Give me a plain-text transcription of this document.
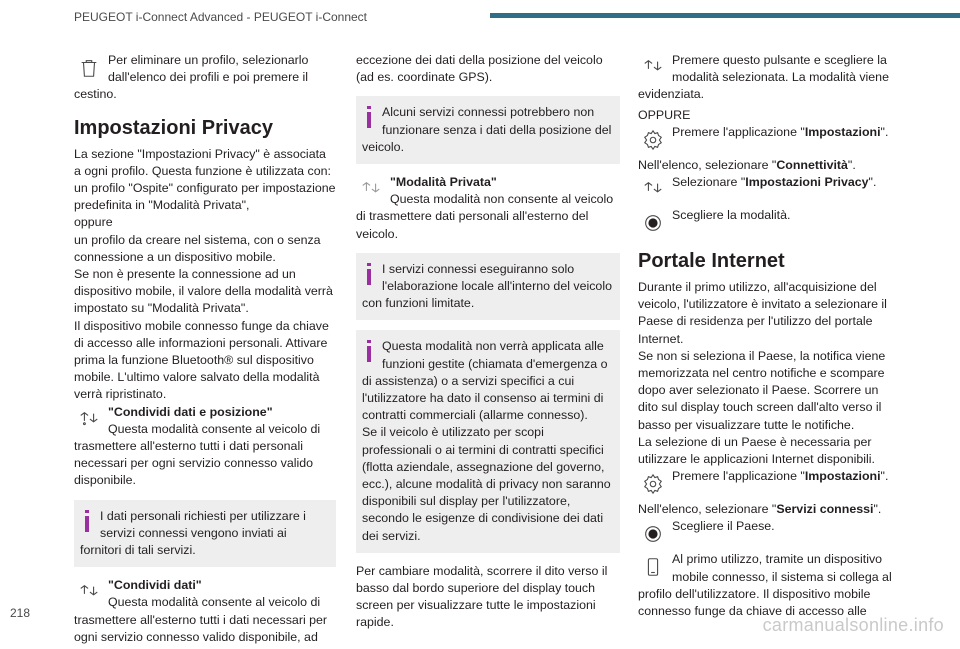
PEUGEOT i-Connect Advanced - PEUGEOT i-Connect

Per eliminare un profilo, selezionarlo dall'elenco dei profili e poi premere il cestino.

Impostazioni Privacy

La sezione "Impostazioni Privacy" è associata a ogni profilo. Questa funzione è utilizzata con:
un profilo "Ospite" configurato per impostazione predefinita in "Modalità Privata",
oppure
un profilo da creare nel sistema, con o senza connessione a un dispositivo mobile.
Se non è presente la connessione ad un dispositivo mobile, il valore della modalità verrà impostato su "Modalità Privata".
Il dispositivo mobile connesso funge da chiave di accesso alle informazioni personali. Attivare prima la funzione Bluetooth® sul dispositivo mobile. L'ultimo valore salvato della modalità verrà ripristinato.

"Condividi dati e posizione"

Questa modalità consente al veicolo di trasmettere all'esterno tutti i dati personali necessari per ogni servizio connesso valido disponibile.

I dati personali richiesti per utilizzare i servizi connessi vengono inviati ai fornitori di tali servizi.

"Condividi dati"

Questa modalità consente al veicolo di trasmettere all'esterno tutti i dati necessari per ogni servizio connesso valido disponibile, ad

eccezione dei dati della posizione del veicolo (ad es. coordinate GPS).

Alcuni servizi connessi potrebbero non funzionare senza i dati della posizione del veicolo.

"Modalità Privata"

Questa modalità non consente al veicolo di trasmettere dati personali all'esterno del veicolo.

I servizi connessi eseguiranno solo l'elaborazione locale all'interno del veicolo con funzioni limitate.

Questa modalità non verrà applicata alle funzioni gestite (chiamata d'emergenza o di assistenza) o a servizi specifici a cui l'utilizzatore ha dato il consenso ai termini di contratti commerciali (allarme connesso).
Se il veicolo è utilizzato per scopi professionali o ai termini di contratti specifici (flotta aziendale, assegnazione del governo, ecc.), alcune modalità di privacy non saranno disponibili sul display per l'utilizzatore, secondo le esigenze di condivisione dei dati dei servizi.

Per cambiare modalità, scorrere il dito verso il basso dal bordo superiore del display touch screen per visualizzare tutte le impostazioni rapide.

Premere questo pulsante e scegliere la modalità selezionata. La modalità viene evidenziata.

OPPURE

Premere l'applicazione "Impostazioni".

Nell'elenco, selezionare "Connettività".

Selezionare "Impostazioni Privacy".

Scegliere la modalità.

Portale Internet

Durante il primo utilizzo, all'acquisizione del veicolo, l'utilizzatore è invitato a selezionare il Paese di residenza per l'utilizzo del portale Internet.
Se non si seleziona il Paese, la notifica viene memorizzata nel centro notifiche e scompare dopo aver selezionato il Paese. Scorrere un dito sul display touch screen dall'alto verso il basso per visualizzare tutte le notifiche.
La selezione di un Paese è necessaria per utilizzare le applicazioni Internet disponibili.

Premere l'applicazione "Impostazioni".

Nell'elenco, selezionare "Servizi connessi".

Scegliere il Paese.

Al primo utilizzo, tramite un dispositivo mobile connesso, il sistema si collega al profilo dell'utilizzatore. Il dispositivo mobile connesso funge da chiave di accesso alle

218
carmanualsonline.info
